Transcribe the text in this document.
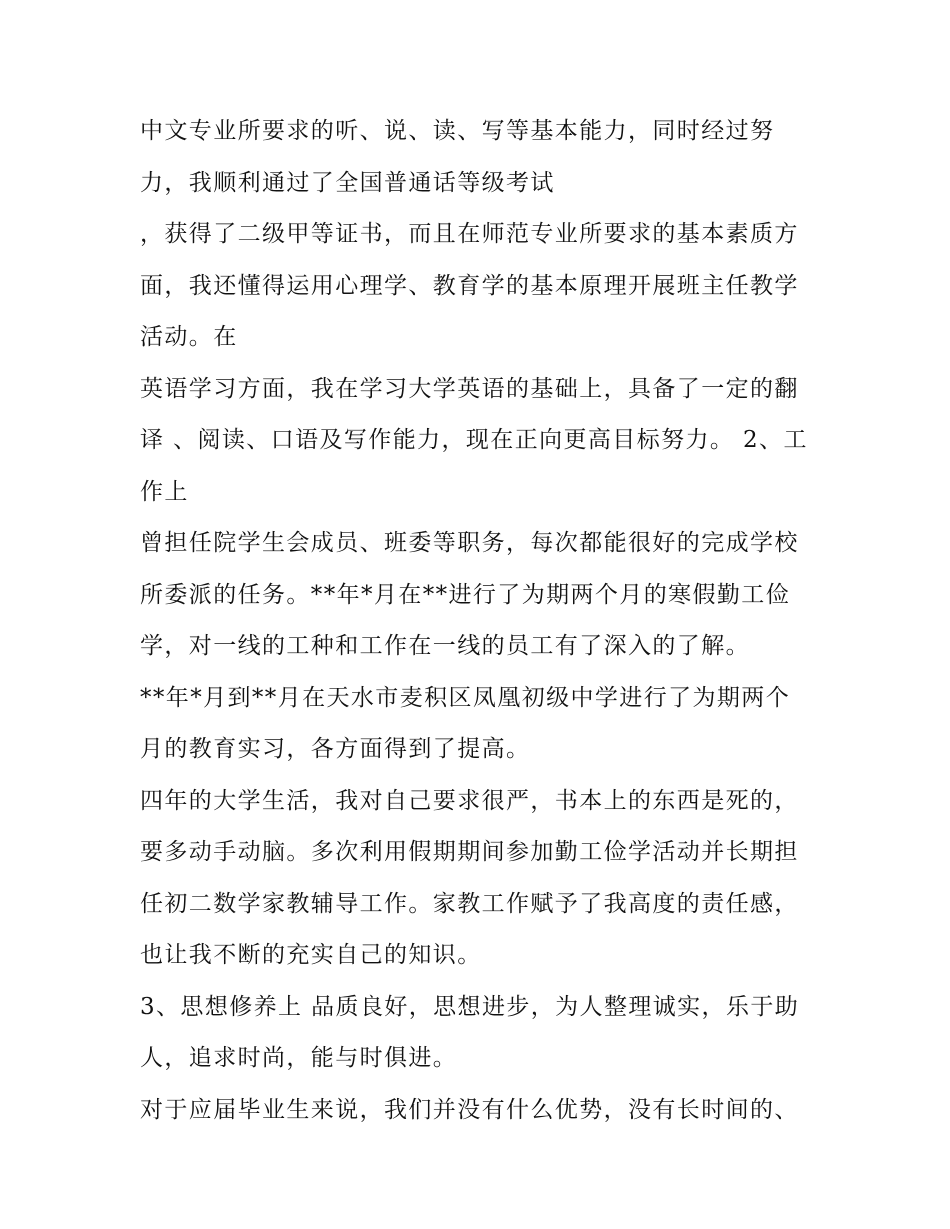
中文专业所要求的听、说、读、写等基本能力，同时经过努
力，我顺利通过了全国普通话等级考试
，获得了二级甲等证书，而且在师范专业所要求的基本素质方
面，我还懂得运用心理学、教育学的基本原理开展班主任教学
活动。在
英语学习方面，我在学习大学英语的基础上，具备了一定的翻
译 、阅读、口语及写作能力，现在正向更高目标努力。 2、工
作上
曾担任院学生会成员、班委等职务，每次都能很好的完成学校
所委派的任务。**年*月在**进行了为期两个月的寒假勤工俭
学，对一线的工种和工作在一线的员工有了深入的了解。
**年*月到**月在天水市麦积区凤凰初级中学进行了为期两个
月的教育实习，各方面得到了提高。
四年的大学生活，我对自己要求很严，书本上的东西是死的，
要多动手动脑。多次利用假期期间参加勤工俭学活动并长期担
任初二数学家教辅导工作。家教工作赋予了我高度的责任感，
也让我不断的充实自己的知识。
3、思想修养上 品质良好，思想进步，为人整理诚实，乐于助
人，追求时尚，能与时俱进。
对于应届毕业生来说，我们并没有什么优势，没有长时间的、
